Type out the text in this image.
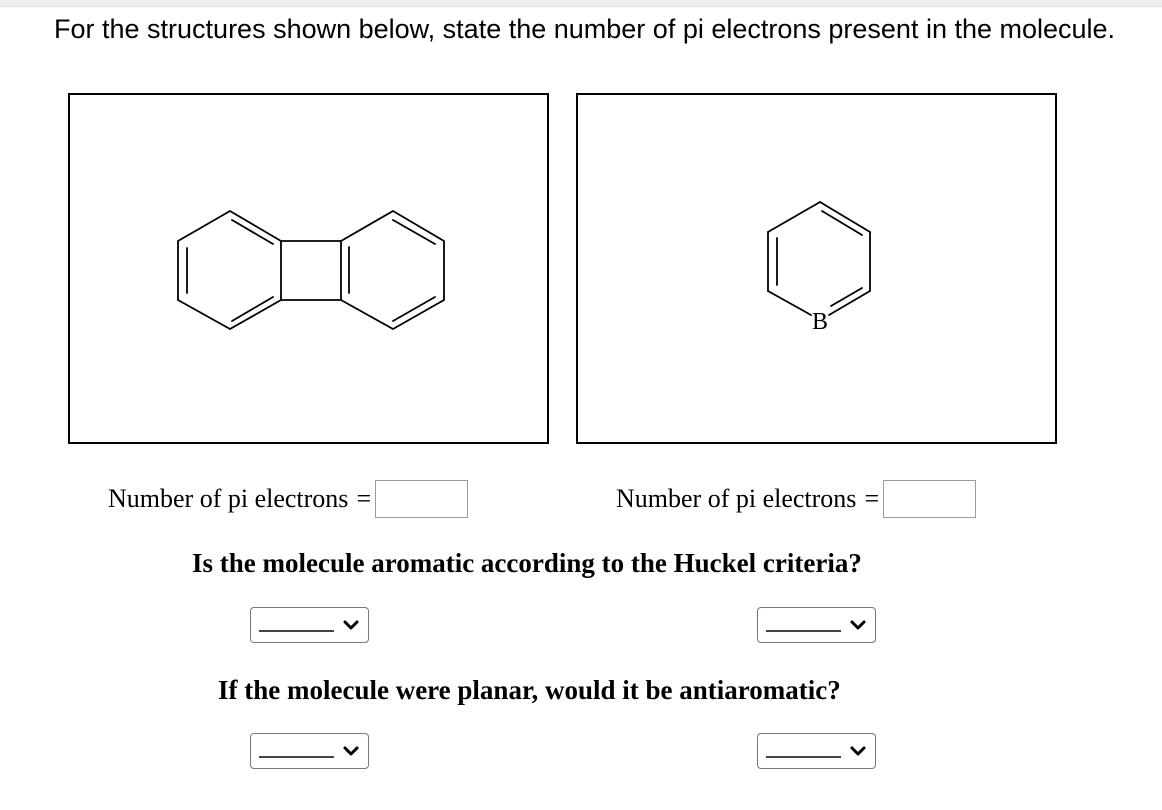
For the structures shown below, state the number of pi electrons present in the molecule.
B
Number of pi electrons =	Number of pi electrons =
Is the molecule aromatic according to the Huckel criteria?
If the molecule were planar, would it be antiaromatic?
